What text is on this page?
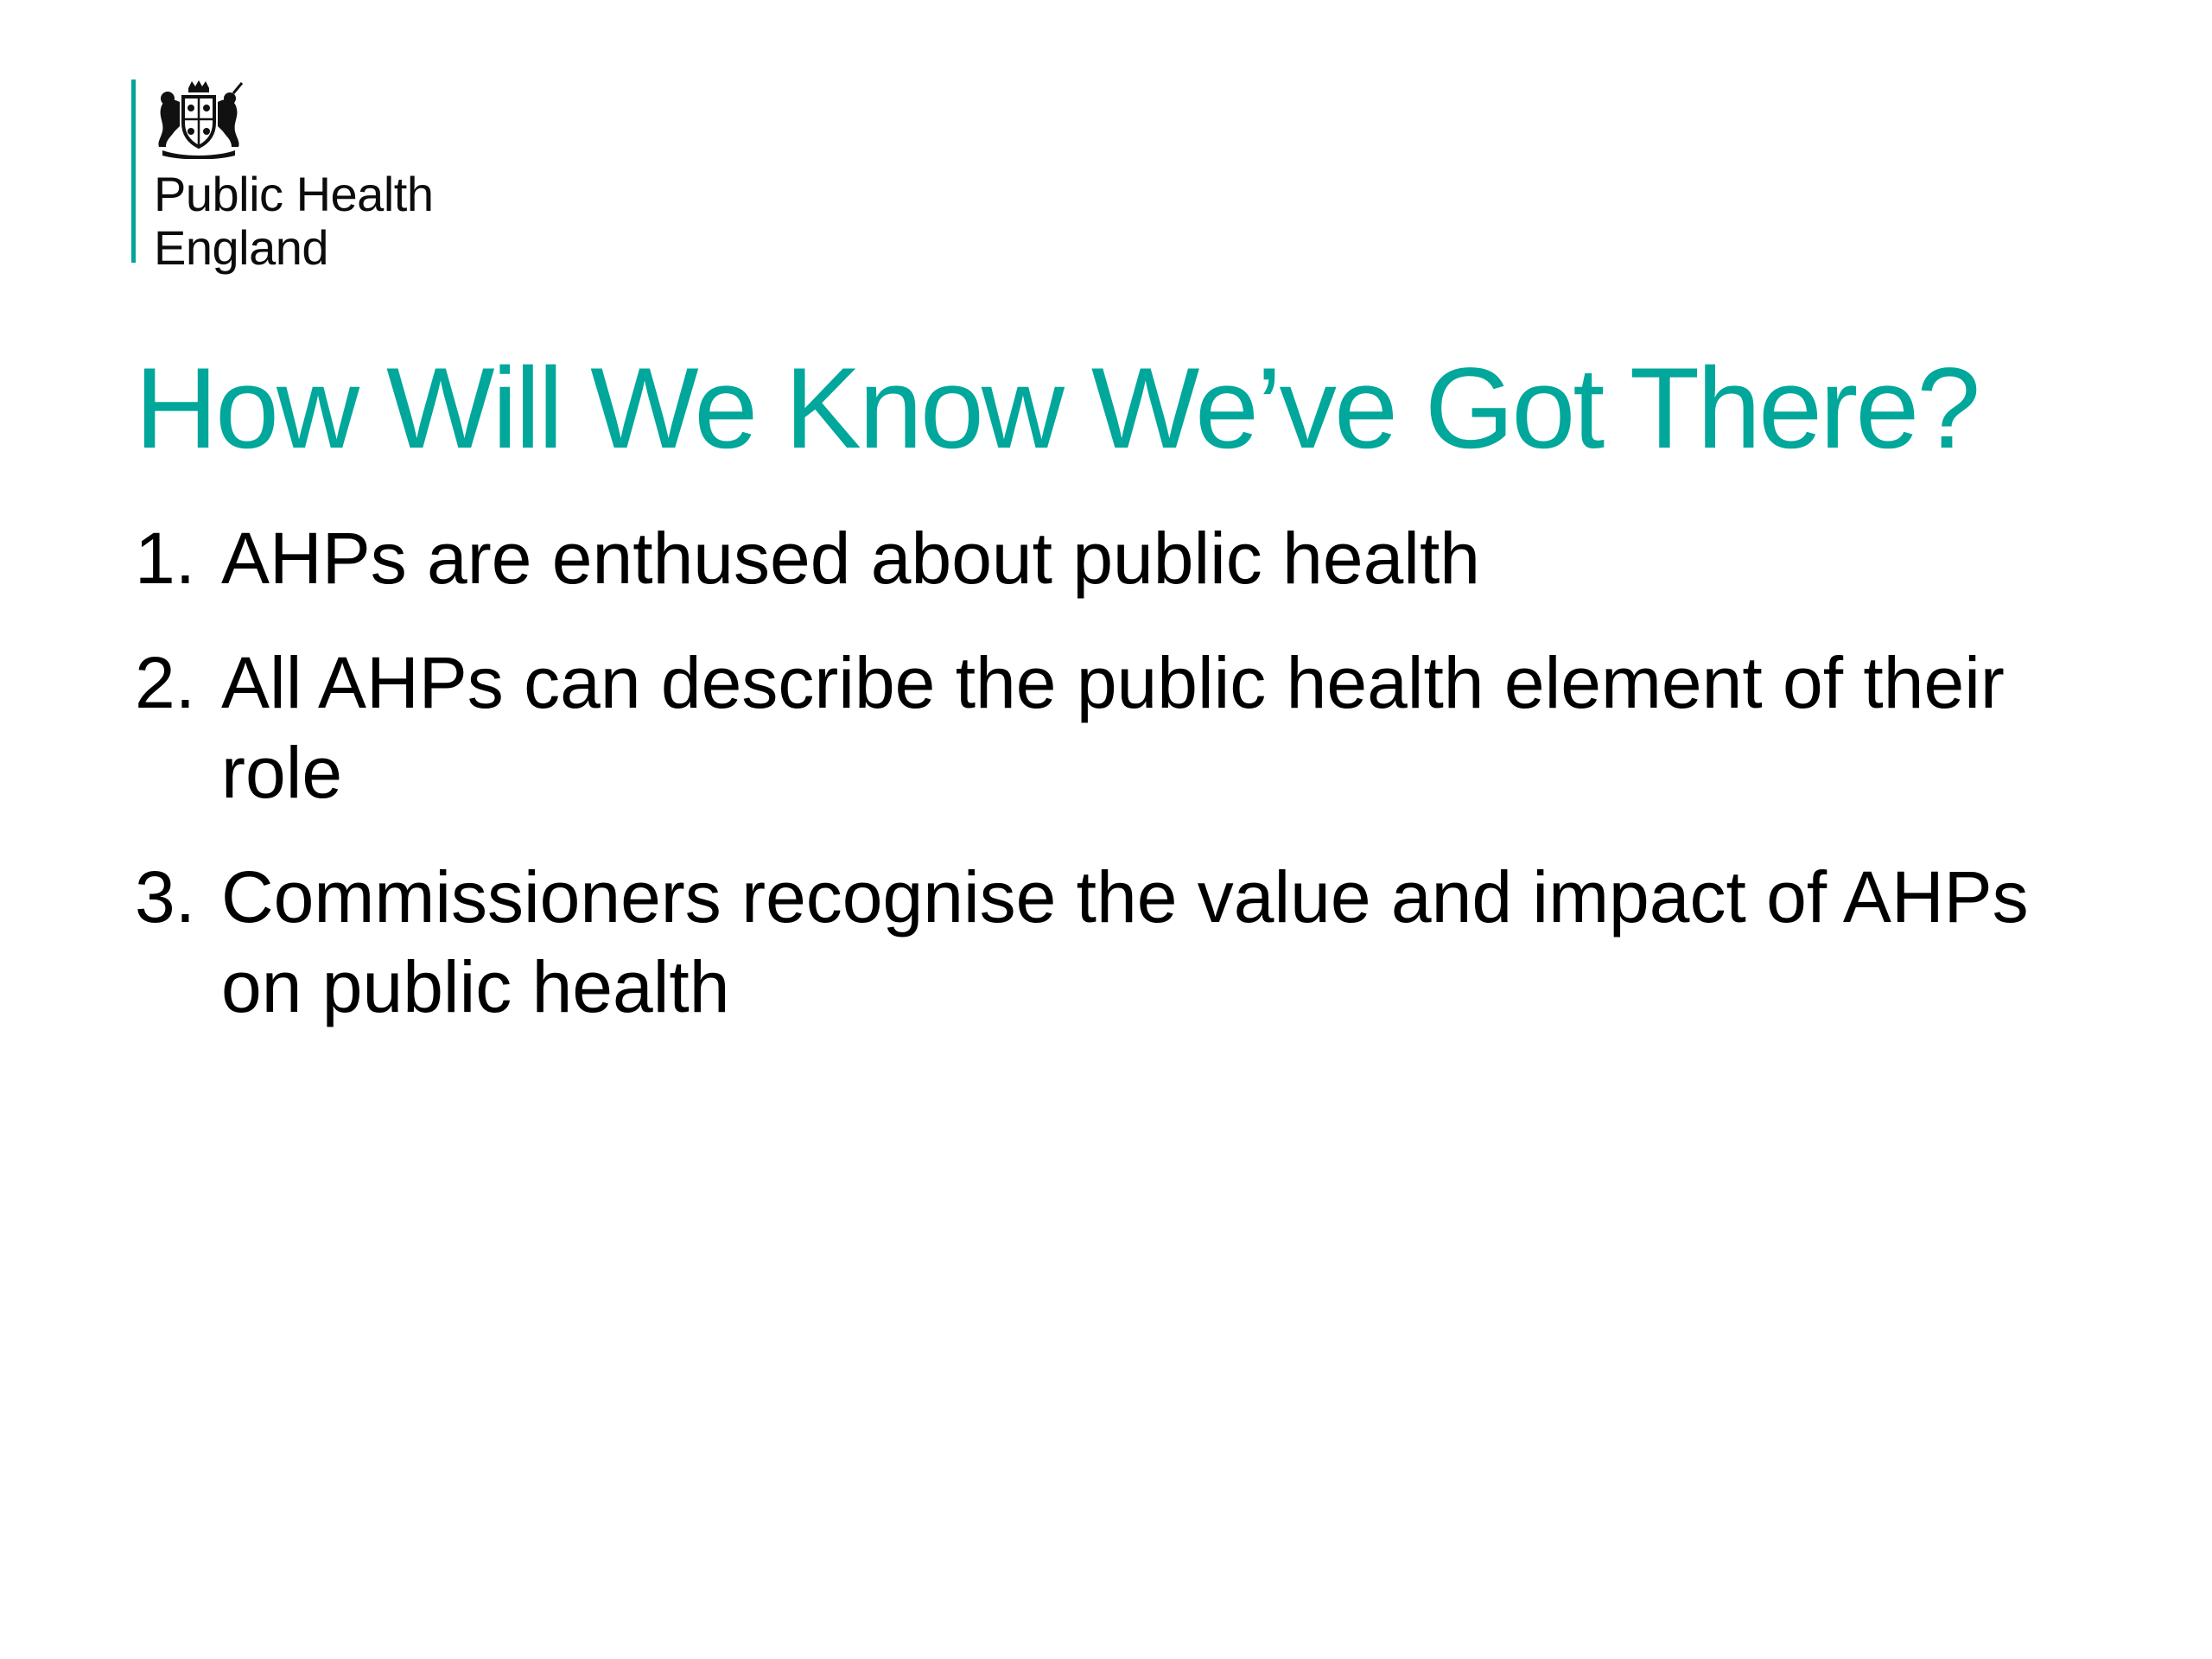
Public Health
England
How Will We Know We’ve Got There?
1. AHPs are enthused about public health
2. All AHPs can describe the public health element of their role
3. Commissioners recognise the value and impact of AHPs on public health
